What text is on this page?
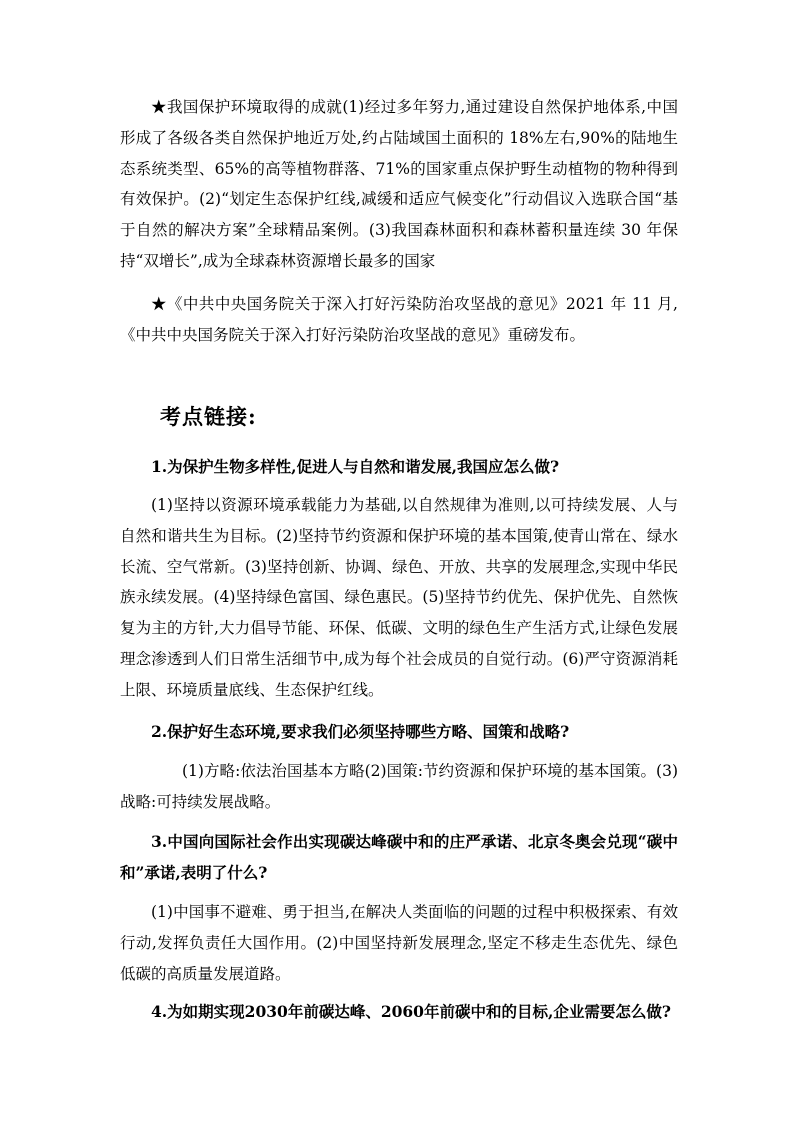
★我国保护环境取得的成就(1)经过多年努力,通过建设自然保护地体系,中国形成了各级各类自然保护地近万处,约占陆域国土面积的 18%左右,90%的陆地生态系统类型、65%的高等植物群落、71%的国家重点保护野生动植物的物种得到有效保护。(2)“划定生态保护红线,减缓和适应气候变化”行动倡议入选联合国“基于自然的解决方案”全球精品案例。(3)我国森林面积和森林蓄积量连续 30 年保持“双增长”,成为全球森林资源增长最多的国家

★《中共中央国务院关于深入打好污染防治攻坚战的意见》2021 年 11 月,《中共中央国务院关于深入打好污染防治攻坚战的意见》重磅发布。

考点链接:

1.为保护生物多样性,促进人与自然和谐发展,我国应怎么做?

(1)坚持以资源环境承载能力为基础,以自然规律为准则,以可持续发展、人与自然和谐共生为目标。(2)坚持节约资源和保护环境的基本国策,使青山常在、绿水长流、空气常新。(3)坚持创新、协调、绿色、开放、共享的发展理念,实现中华民族永续发展。(4)坚持绿色富国、绿色惠民。(5)坚持节约优先、保护优先、自然恢复为主的方针,大力倡导节能、环保、低碳、文明的绿色生产生活方式,让绿色发展理念渗透到人们日常生活细节中,成为每个社会成员的自觉行动。(6)严守资源消耗上限、环境质量底线、生态保护红线。

2.保护好生态环境,要求我们必须坚持哪些方略、国策和战略?

(1)方略:依法治国基本方略(2)国策:节约资源和保护环境的基本国策。(3)战略:可持续发展战略。

3.中国向国际社会作出实现碳达峰碳中和的庄严承诺、北京冬奥会兑现“碳中和”承诺,表明了什么?

(1)中国事不避难、勇于担当,在解决人类面临的问题的过程中积极探索、有效行动,发挥负责任大国作用。(2)中国坚持新发展理念,坚定不移走生态优先、绿色低碳的高质量发展道路。

4.为如期实现2030年前碳达峰、2060年前碳中和的目标,企业需要怎么做?
